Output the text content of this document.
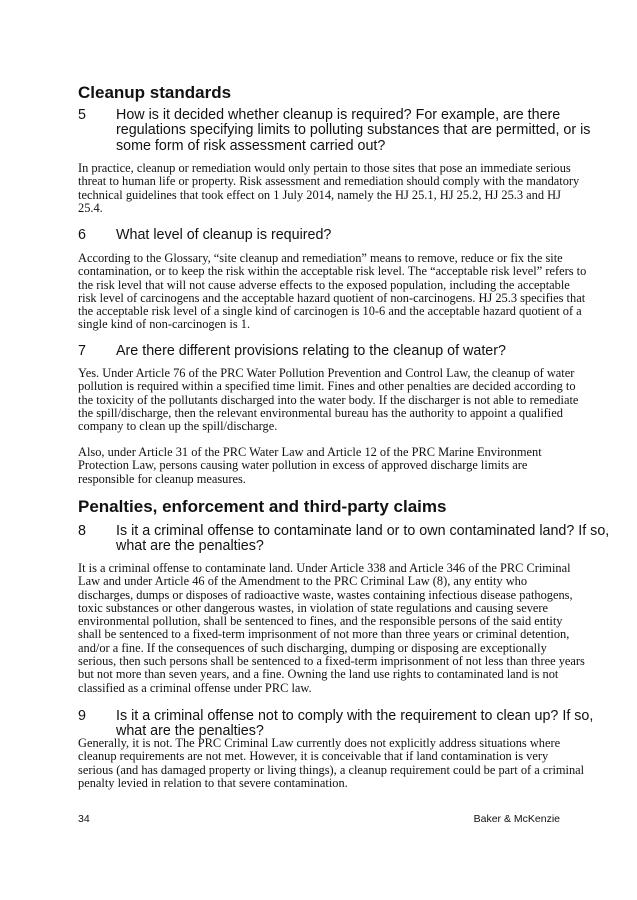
Cleanup standards
5 How is it decided whether cleanup is required? For example, are there
regulations specifying limits to polluting substances that are permitted, or is
some form of risk assessment carried out?
In practice, cleanup or remediation would only pertain to those sites that pose an immediate serious
threat to human life or property. Risk assessment and remediation should comply with the mandatory
technical guidelines that took effect on 1 July 2014, namely the HJ 25.1, HJ 25.2, HJ 25.3 and HJ
25.4.
6 What level of cleanup is required?
According to the Glossary, “site cleanup and remediation” means to remove, reduce or fix the site
contamination, or to keep the risk within the acceptable risk level. The “acceptable risk level” refers to
the risk level that will not cause adverse effects to the exposed population, including the acceptable
risk level of carcinogens and the acceptable hazard quotient of non-carcinogens. HJ 25.3 specifies that
the acceptable risk level of a single kind of carcinogen is 10-6 and the acceptable hazard quotient of a
single kind of non-carcinogen is 1.
7 Are there different provisions relating to the cleanup of water?
Yes. Under Article 76 of the PRC Water Pollution Prevention and Control Law, the cleanup of water
pollution is required within a specified time limit. Fines and other penalties are decided according to
the toxicity of the pollutants discharged into the water body. If the discharger is not able to remediate
the spill/discharge, then the relevant environmental bureau has the authority to appoint a qualified
company to clean up the spill/discharge.
Also, under Article 31 of the PRC Water Law and Article 12 of the PRC Marine Environment
Protection Law, persons causing water pollution in excess of approved discharge limits are
responsible for cleanup measures.
Penalties, enforcement and third-party claims
8 Is it a criminal offense to contaminate land or to own contaminated land? If so,
what are the penalties?
It is a criminal offense to contaminate land. Under Article 338 and Article 346 of the PRC Criminal
Law and under Article 46 of the Amendment to the PRC Criminal Law (8), any entity who
discharges, dumps or disposes of radioactive waste, wastes containing infectious disease pathogens,
toxic substances or other dangerous wastes, in violation of state regulations and causing severe
environmental pollution, shall be sentenced to fines, and the responsible persons of the said entity
shall be sentenced to a fixed-term imprisonment of not more than three years or criminal detention,
and/or a fine. If the consequences of such discharging, dumping or disposing are exceptionally
serious, then such persons shall be sentenced to a fixed-term imprisonment of not less than three years
but not more than seven years, and a fine. Owning the land use rights to contaminated land is not
classified as a criminal offense under PRC law.
9 Is it a criminal offense not to comply with the requirement to clean up? If so,
what are the penalties?
Generally, it is not. The PRC Criminal Law currently does not explicitly address situations where
cleanup requirements are not met. However, it is conceivable that if land contamination is very
serious (and has damaged property or living things), a cleanup requirement could be part of a criminal
penalty levied in relation to that severe contamination.
34	Baker & McKenzie
